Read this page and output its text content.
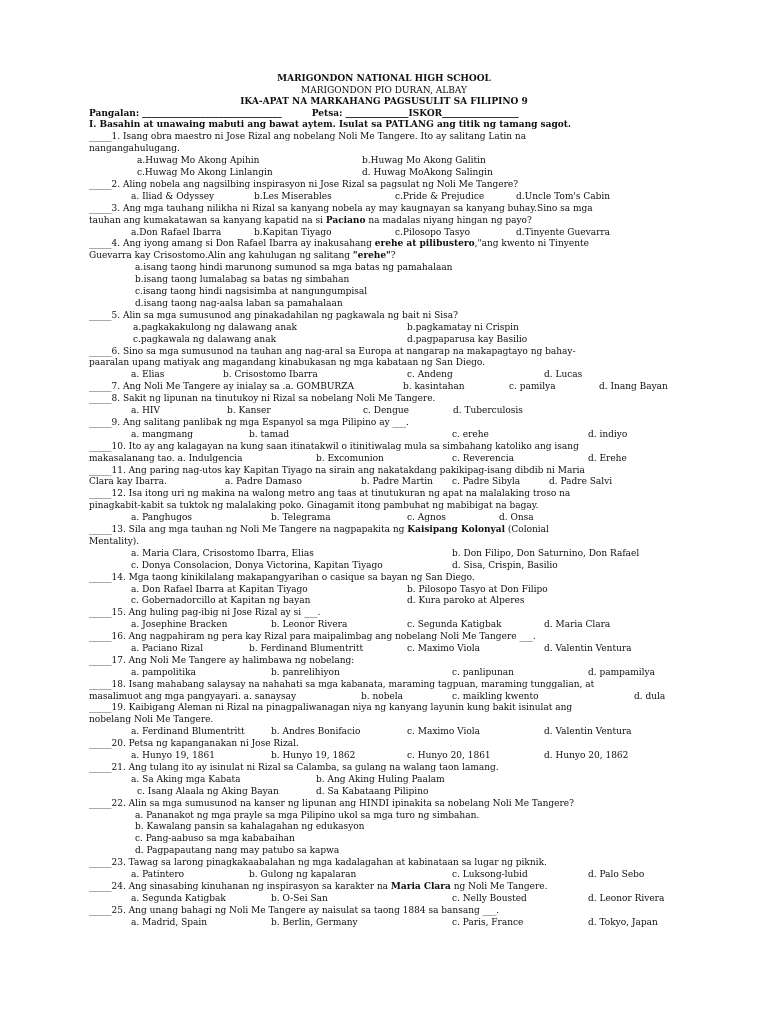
MARIGONDON NATIONAL HIGH SCHOOL
MARIGONDON PIO DURAN, ALBAY
IKA-APAT NA MARKAHANG PAGSUSULIT SA FILIPINO 9
Pangalan: _______________________________	Petsa: ______________ISKOR_________________
I. Basahin at unawaing mabuti ang bawat aytem. Isulat sa PATLANG ang titik ng tamang sagot.
_____1. Isang obra maestro ni Jose Rizal ang nobelang Noli Me Tangere. Ito ay salitang Latin na
nangangahulugang.
a.Huwag Mo Akong Apihin	b.Huwag Mo Akong Galitin
c.Huwag Mo Akong Linlangin	d. Huwag MoAkong Salingin
_____2. Aling nobela ang nagsilbing inspirasyon ni Jose Rizal sa pagsulat ng Noli Me Tangere?
a. Iliad & Odyssey	b.Les Miserables	c.Pride & Prejudice	d.Uncle Tom's Cabin
_____3. Ang mga tauhang nilikha ni Rizal sa kanyang nobela ay may kaugnayan sa kanyang buhay.Sino sa mga
tauhan ang kumakatawan sa kanyang kapatid na si Paciano na madalas niyang hingan ng payo?
a.Don Rafael Ibarra	b.Kapitan Tiyago	c.Pilosopo Tasyo	d.Tinyente Guevarra
_____4. Ang iyong amang si Don Rafael Ibarra ay inakusahang erehe at pilibustero,"ang kwento ni Tinyente
Guevarra kay Crisostomo.Alin ang kahulugan ng salitang "erehe"?
a.isang taong hindi marunong sumunod sa mga batas ng pamahalaan
b.isang taong lumalabag sa batas ng simbahan
c.isang taong hindi nagsisimba at nangungumpisal
d.isang taong nag-aalsa laban sa pamahalaan
_____5. Alin sa mga sumusunod ang pinakadahilan ng pagkawala ng bait ni Sisa?
a.pagkakakulong ng dalawang anak	b.pagkamatay ni Crispin
c.pagkawala ng dalawang anak	d.pagpaparusa kay Basilio
_____6. Sino sa mga sumusunod na tauhan ang nag-aral sa Europa at nangarap na makapagtayo ng bahay-
paaralan upang matiyak ang magandang kinabukasan ng mga kabataan ng San Diego.
a. Elias	b. Crisostomo Ibarra	c. Andeng	d. Lucas
_____7. Ang Noli Me Tangere ay inialay sa .a. GOMBURZA	b. kasintahan	c. pamilya	d. Inang Bayan
_____8. Sakit ng lipunan na tinutukoy ni Rizal sa nobelang Noli Me Tangere.
a. HIV	b. Kanser	c. Dengue	d. Tuberculosis
_____9. Ang salitang panlibak ng mga Espanyol sa mga Pilipino ay ___.
a. mangmang	b. tamad	c. erehe	d. indiyo
_____10. Ito ay ang kalagayan na kung saan itinatakwil o itinitiwalag mula sa simbahang katoliko ang isang
makasalanang tao. a. Indulgencia	b. Excomunion	c. Reverencia	d. Erehe
_____11. Ang paring nag-utos kay Kapitan Tiyago na sirain ang nakatakdang pakikipag-isang dibdib ni Maria
Clara kay Ibarra.	a. Padre Damaso	b. Padre Martin c. Padre Sibyla	d. Padre Salvi
_____12. Isa itong uri ng makina na walong metro ang taas at tinutukuran ng apat na malalaking troso na
pinagkabit-kabit sa tuktok ng malalaking poko. Ginagamit itong pambuhat ng mabibigat na bagay.
a. Panghugos	b. Telegrama	c. Agnos	d. Onsa
_____13. Sila ang mga tauhan ng Noli Me Tangere na nagpapakita ng Kaisipang Kolonyal (Colonial
Mentality).
a. Maria Clara, Crisostomo Ibarra, Elias	b. Don Filipo, Don Saturnino, Don Rafael
c. Donya Consolacion, Donya Victorina, Kapitan Tiyago	d. Sisa, Crispin, Basilio
_____14. Mga taong kinikilalang makapangyarihan o casique sa bayan ng San Diego.
a. Don Rafael Ibarra at Kapitan Tiyago	b. Pilosopo Tasyo at Don Filipo
c. Gobernadorcillo at Kapitan ng bayan	d. Kura paroko at Alperes
_____15. Ang huling pag-ibig ni Jose Rizal ay si ___.
a. Josephine Bracken	b. Leonor Rivera	c. Segunda Katigbak	d. Maria Clara
_____16. Ang nagpahiram ng pera kay Rizal para maipalimbag ang nobelang Noli Me Tangere ___.
a. Paciano Rizal	b. Ferdinand Blumentritt	c. Maximo Viola	d. Valentin Ventura
_____17. Ang Noli Me Tangere ay halimbawa ng nobelang:
a. pampolitika	b. panrelihiyon	c. panlipunan	d. pampamilya
_____18. Isang mahabang salaysay na nahahati sa mga kabanata, maraming tagpuan, maraming tunggalian, at
masalimuot ang mga pangyayari. a. sanaysay	b. nobela	c. maikling kwento	d. dula
_____19. Kaibigang Aleman ni Rizal na pinagpaliwanagan niya ng kanyang layunin kung bakit isinulat ang
nobelang Noli Me Tangere.
a. Ferdinand Blumentritt	b. Andres Bonifacio	c. Maximo Viola	d. Valentin Ventura
_____20. Petsa ng kapanganakan ni Jose Rizal.
a. Hunyo 19, 1861	b. Hunyo 19, 1862	c. Hunyo 20, 1861	d. Hunyo 20, 1862
_____21. Ang tulang ito ay isinulat ni Rizal sa Calamba, sa gulang na walang taon lamang.
a. Sa Aking mga Kabata	b. Ang Aking Huling Paalam
c. Isang Alaala ng Aking Bayan	d. Sa Kabataang Pilipino
_____22. Alin sa mga sumusunod na kanser ng lipunan ang HINDI ipinakita sa nobelang Noli Me Tangere?
a. Pananakot ng mga prayle sa mga Pilipino ukol sa mga turo ng simbahan.
b. Kawalang pansin sa kahalagahan ng edukasyon
c. Pang-aabuso sa mga kababaihan
d. Pagpapautang nang may patubo sa kapwa
_____23. Tawag sa larong pinagkakaabalahan ng mga kadalagahan at kabinataan sa lugar ng piknik.
a. Patintero	b. Gulong ng kapalaran	c. Luksong-lubid	d. Palo Sebo
_____24. Ang sinasabing kinuhanan ng inspirasyon sa karakter na Maria Clara ng Noli Me Tangere.
a. Segunda Katigbak	b. O-Sei San	c. Nelly Bousted	d. Leonor Rivera
_____25. Ang unang bahagi ng Noli Me Tangere ay naisulat sa taong 1884 sa bansang ___.
a. Madrid, Spain	b. Berlin, Germany	c. Paris, France	d. Tokyo, Japan
